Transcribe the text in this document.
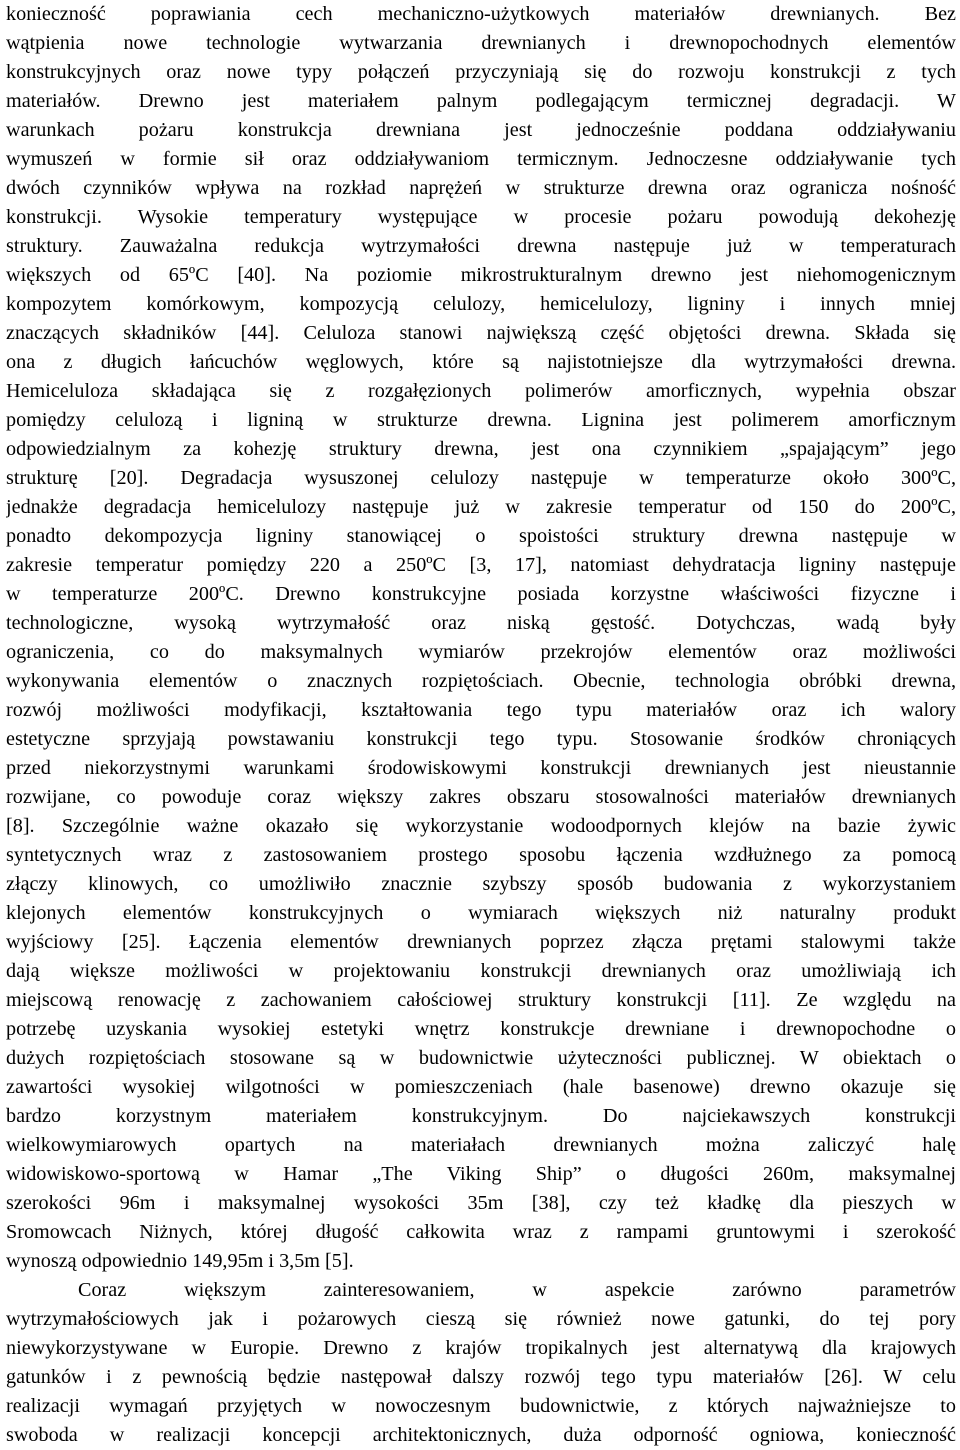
konieczność poprawiania cech mechaniczno-użytkowych materiałów drewnianych. Bez
wątpienia nowe technologie wytwarzania drewnianych i drewnopochodnych elementów
konstrukcyjnych oraz nowe typy połączeń przyczyniają się do rozwoju konstrukcji z tych
materiałów. Drewno jest materiałem palnym podlegającym termicznej degradacji. W
warunkach pożaru konstrukcja drewniana jest jednocześnie poddana oddziaływaniu
wymuszeń w formie sił oraz oddziaływaniom termicznym. Jednoczesne oddziaływanie tych
dwóch czynników wpływa na rozkład naprężeń w strukturze drewna oraz ogranicza nośność
konstrukcji. Wysokie temperatury występujące w procesie pożaru powodują dekohezję
struktury. Zauważalna redukcja wytrzymałości drewna następuje już w temperaturach
większych od 65ºC [40]. Na poziomie mikrostrukturalnym drewno jest niehomogenicznym
kompozytem komórkowym, kompozycją celulozy, hemicelulozy, ligniny i innych mniej
znaczących składników [44]. Celuloza stanowi największą część objętości drewna. Składa się
ona z długich łańcuchów węglowych, które są najistotniejsze dla wytrzymałości drewna.
Hemiceluloza składająca się z rozgałęzionych polimerów amorficznych, wypełnia obszar
pomiędzy celulozą i ligniną w strukturze drewna. Lignina jest polimerem amorficznym
odpowiedzialnym za kohezję struktury drewna, jest ona czynnikiem „spajającym” jego
strukturę [20]. Degradacja wysuszonej celulozy następuje w temperaturze około 300ºC,
jednakże degradacja hemicelulozy następuje już w zakresie temperatur od 150 do 200ºC,
ponadto dekompozycja ligniny stanowiącej o spoistości struktury drewna następuje w
zakresie temperatur pomiędzy 220 a 250ºC [3, 17], natomiast dehydratacja ligniny następuje
w temperaturze 200ºC. Drewno konstrukcyjne posiada korzystne właściwości fizyczne i
technologiczne, wysoką wytrzymałość oraz niską gęstość. Dotychczas, wadą były
ograniczenia, co do maksymalnych wymiarów przekrojów elementów oraz możliwości
wykonywania elementów o znacznych rozpiętościach. Obecnie, technologia obróbki drewna,
rozwój możliwości modyfikacji, kształtowania tego typu materiałów oraz ich walory
estetyczne sprzyjają powstawaniu konstrukcji tego typu. Stosowanie środków chroniących
przed niekorzystnymi warunkami środowiskowymi konstrukcji drewnianych jest nieustannie
rozwijane, co powoduje coraz większy zakres obszaru stosowalności materiałów drewnianych
[8]. Szczególnie ważne okazało się wykorzystanie wodoodpornych klejów na bazie żywic
syntetycznych wraz z zastosowaniem prostego sposobu łączenia wzdłużnego za pomocą
złączy klinowych, co umożliwiło znacznie szybszy sposób budowania z wykorzystaniem
klejonych elementów konstrukcyjnych o wymiarach większych niż naturalny produkt
wyjściowy [25]. Łączenia elementów drewnianych poprzez złącza prętami stalowymi także
dają większe możliwości w projektowaniu konstrukcji drewnianych oraz umożliwiają ich
miejscową renowację z zachowaniem całościowej struktury konstrukcji [11]. Ze względu na
potrzebę uzyskania wysokiej estetyki wnętrz konstrukcje drewniane i drewnopochodne o
dużych rozpiętościach stosowane są w budownictwie użyteczności publicznej. W obiektach o
zawartości wysokiej wilgotności w pomieszczeniach (hale basenowe) drewno okazuje się
bardzo korzystnym materiałem konstrukcyjnym. Do najciekawszych konstrukcji
wielkowymiarowych opartych na materiałach drewnianych można zaliczyć halę
widowiskowo-sportową w Hamar „The Viking Ship” o długości 260m, maksymalnej
szerokości 96m i maksymalnej wysokości 35m [38], czy też kładkę dla pieszych w
Sromowcach Niżnych, której długość całkowita wraz z rampami gruntowymi i szerokość
wynoszą odpowiednio 149,95m i 3,5m [5].
Coraz większym zainteresowaniem, w aspekcie zarówno parametrów
wytrzymałościowych jak i pożarowych cieszą się również nowe gatunki, do tej pory
niewykorzystywane w Europie. Drewno z krajów tropikalnych jest alternatywą dla krajowych
gatunków i z pewnością będzie następował dalszy rozwój tego typu materiałów [26]. W celu
realizacji wymagań przyjętych w nowoczesnym budownictwie, z których najważniejsze to
swoboda w realizacji koncepcji architektonicznych, duża odporność ogniowa, konieczność
